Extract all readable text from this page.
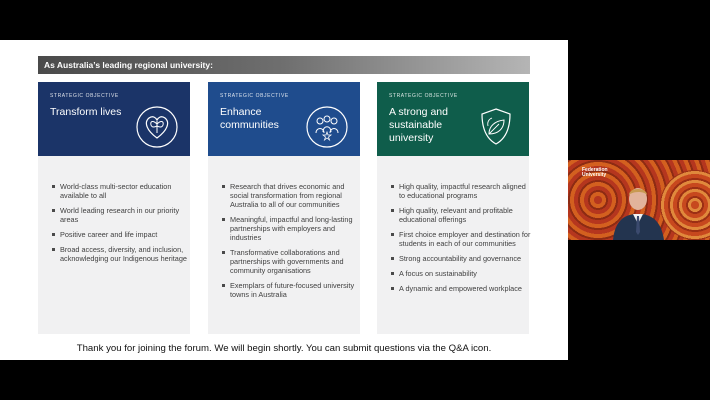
As Australia’s leading regional university:
STRATEGIC OBJECTIVE
Transform lives
World-class multi-sector education available to all
World leading research in our priority areas
Positive career and life impact
Broad access, diversity, and inclusion, acknowledging our Indigenous heritage
STRATEGIC OBJECTIVE
Enhance communities
Research that drives economic and social transformation from regional Australia to all of our communities
Meaningful, impactful and long-lasting partnerships with employers and industries
Transformative collaborations and partnerships with governments and community organisations
Exemplars of future-focused university towns in Australia
STRATEGIC OBJECTIVE
A strong and sustainable university
High quality, impactful research aligned to educational programs
High quality, relevant and profitable educational offerings
First choice employer and destination for students in each of our communities
Strong accountability and governance
A focus on sustainability
A dynamic and empowered workplace
Thank you for joining the forum. We will begin shortly. You can submit questions via the Q&A icon.
Federation
University
